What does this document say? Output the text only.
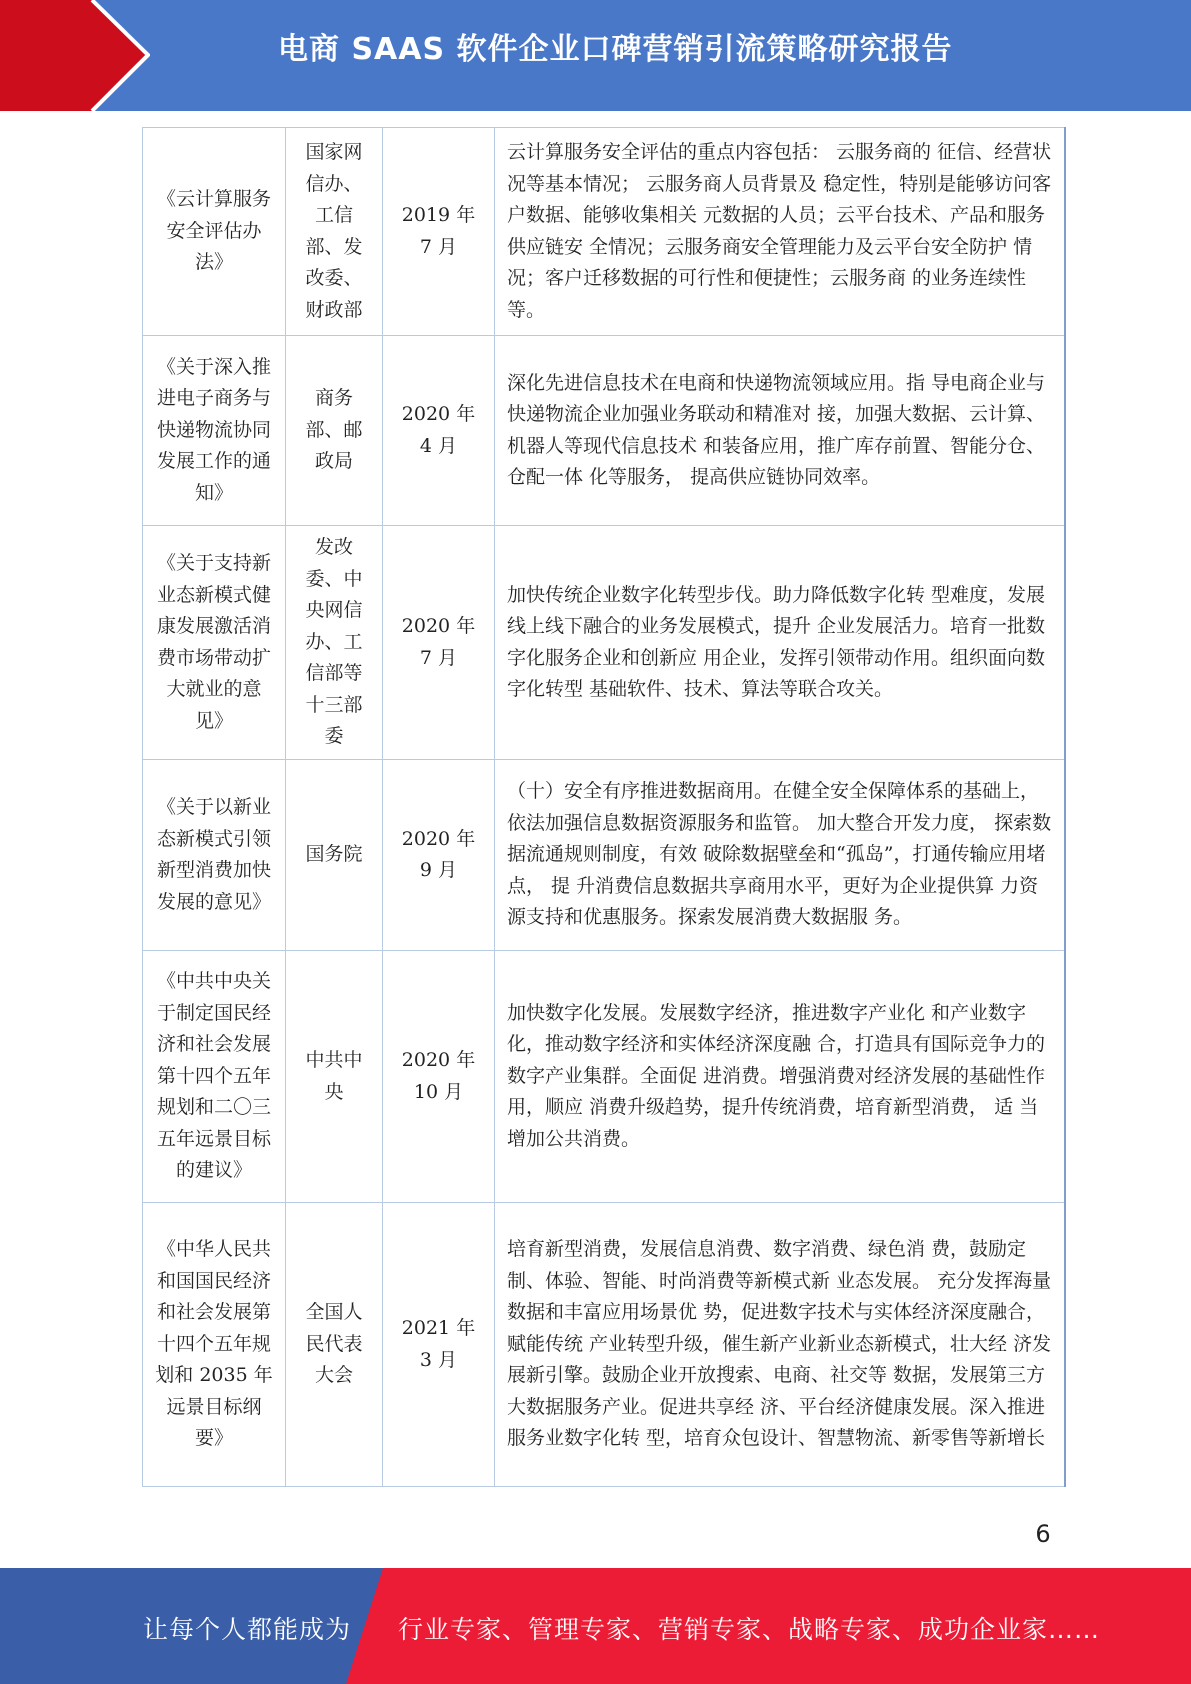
电商 SAAS 软件企业口碑营销引流策略研究报告
《云计算服务安全评估办法》	国家网信办、工信部、发改委、财政部	2019 年 7 月	云计算服务安全评估的重点内容包括： 云服务商的 征信、经营状况等基本情况； 云服务商人员背景及 稳定性，特别是能够访问客户数据、能够收集相关 元数据的人员；云平台技术、产品和服务供应链安 全情况；云服务商安全管理能力及云平台安全防护 情况；客户迁移数据的可行性和便捷性；云服务商 的业务连续性等。
《关于深入推进电子商务与快递物流协同发展工作的通知》	商务部、邮政局	2020 年 4 月	深化先进信息技术在电商和快递物流领域应用。指 导电商企业与快递物流企业加强业务联动和精准对 接，加强大数据、云计算、机器人等现代信息技术 和装备应用，推广库存前置、智能分仓、仓配一体 化等服务， 提高供应链协同效率。
《关于支持新业态新模式健康发展激活消费市场带动扩大就业的意见》	发改委、中央网信办、工信部等十三部委	2020 年 7 月	加快传统企业数字化转型步伐。助力降低数字化转 型难度，发展线上线下融合的业务发展模式，提升 企业发展活力。培育一批数字化服务企业和创新应 用企业，发挥引领带动作用。组织面向数字化转型 基础软件、技术、算法等联合攻关。
《关于以新业态新模式引领新型消费加快发展的意见》	国务院	2020 年 9 月	（十）安全有序推进数据商用。在健全安全保障体系的基础上，依法加强信息数据资源服务和监管。 加大整合开发力度， 探索数据流通规则制度，有效 破除数据壁垒和“孤岛”，打通传输应用堵点， 提 升消费信息数据共享商用水平，更好为企业提供算 力资源支持和优惠服务。探索发展消费大数据服 务。
《中共中央关于制定国民经济和社会发展第十四个五年规划和二〇三五年远景目标的建议》	中共中央	2020 年 10 月	加快数字化发展。发展数字经济，推进数字产业化 和产业数字化，推动数字经济和实体经济深度融 合，打造具有国际竞争力的数字产业集群。全面促 进消费。增强消费对经济发展的基础性作用，顺应 消费升级趋势，提升传统消费，培育新型消费， 适 当增加公共消费。
《中华人民共和国国民经济和社会发展第十四个五年规划和 2035 年远景目标纲要》	全国人民代表大会	2021 年 3 月	培育新型消费，发展信息消费、数字消费、绿色消 费，鼓励定制、体验、智能、时尚消费等新模式新 业态发展。 充分发挥海量数据和丰富应用场景优 势，促进数字技术与实体经济深度融合，赋能传统 产业转型升级，催生新产业新业态新模式，壮大经 济发展新引擎。鼓励企业开放搜索、电商、社交等 数据，发展第三方大数据服务产业。促进共享经 济、平台经济健康发展。深入推进服务业数字化转 型，培育众包设计、智慧物流、新零售等新增长
6
让每个人都能成为 行业专家、管理专家、营销专家、战略专家、成功企业家……
